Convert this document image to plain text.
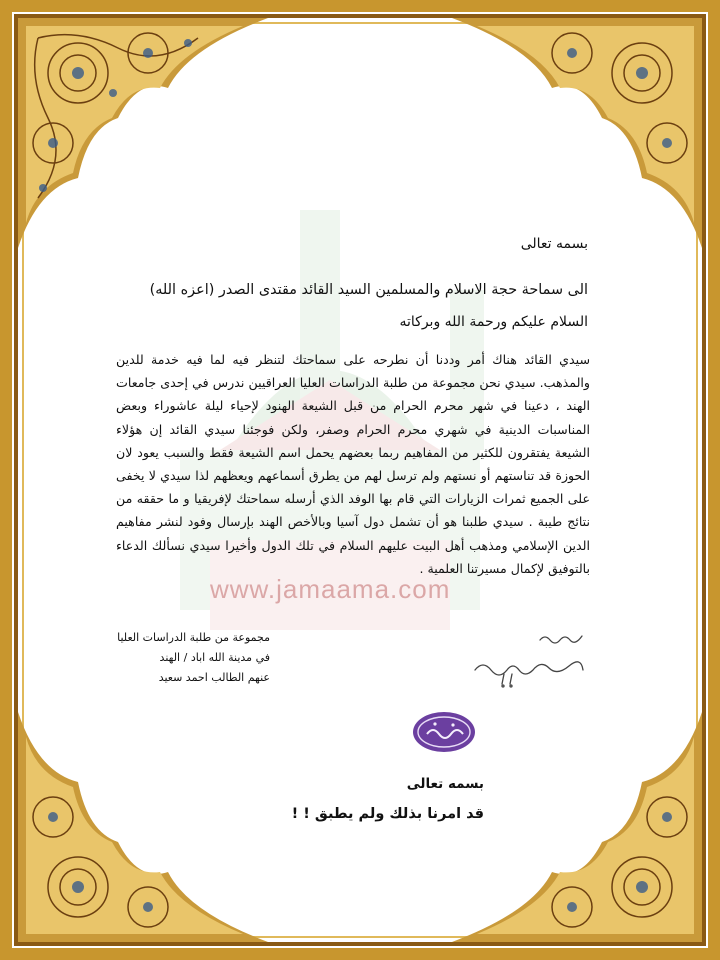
www.jamaama.com
بسمه تعالى
الى سماحة حجة الاسلام والمسلمين السيد القائد مقتدى الصدر (اعزه الله)
السلام عليكم ورحمة الله وبركاته
سيدي القائد هناك أمر وددنا أن نطرحه على سماحتك لتنظر فيه لما فيه خدمة للدين والمذهب. سيدي نحن مجموعة من طلبة الدراسات العليا العراقيين ندرس في إحدى جامعات الهند ، دعينا في شهر محرم الحرام من قبل الشيعة الهنود لإحياء ليلة عاشوراء وبعض المناسبات الدينية في شهري محرم الحرام وصفر، ولكن فوجئنا سيدي القائد إن هؤلاء الشيعة يفتقرون للكثير من المفاهيم ربما بعضهم يحمل اسم الشيعة فقط والسبب يعود لان الحوزة قد تناستهم أو نستهم ولم ترسل لهم من يطرق أسماعهم ويعظهم لذا سيدي لا يخفى على الجميع ثمرات الزيارات التي قام بها الوفد الذي أرسله سماحتك لإفريقيا و ما حققه من نتائج طيبة . سيدي طلبنا هو أن تشمل دول آسيا وبالأخص الهند بإرسال وفود لنشر مفاهيم الدين الإسلامي ومذهب أهل البيت عليهم السلام في تلك الدول وأخيرا سيدي نسألك الدعاء بالتوفيق لإكمال مسيرتنا العلمية .
مجموعة من طلبة الدراسات العليا
في مدينة الله اباد / الهند
عنهم الطالب احمد سعيد
بسمه تعالى
قد امرنا بذلك ولم يطبق ! !
